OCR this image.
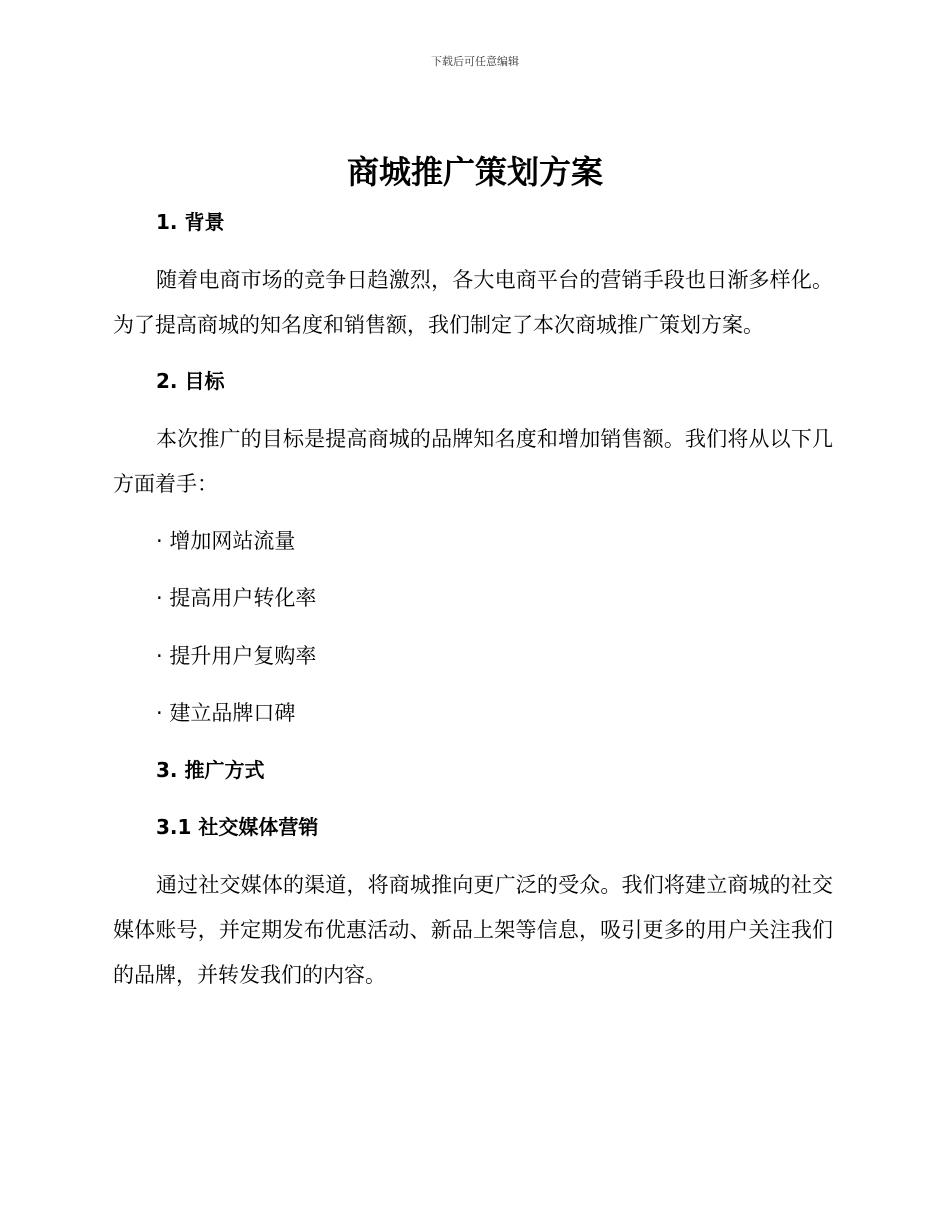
下载后可任意编辑
商城推广策划方案
1. 背景

随着电商市场的竞争日趋激烈，各大电商平台的营销手段也日渐多样化。为了提高商城的知名度和销售额，我们制定了本次商城推广策划方案。

2. 目标

本次推广的目标是提高商城的品牌知名度和增加销售额。我们将从以下几方面着手：

· 增加网站流量
· 提高用户转化率
· 提升用户复购率
· 建立品牌口碑
3. 推广方式
3.1 社交媒体营销

通过社交媒体的渠道，将商城推向更广泛的受众。我们将建立商城的社交媒体账号，并定期发布优惠活动、新品上架等信息，吸引更多的用户关注我们的品牌，并转发我们的内容。
